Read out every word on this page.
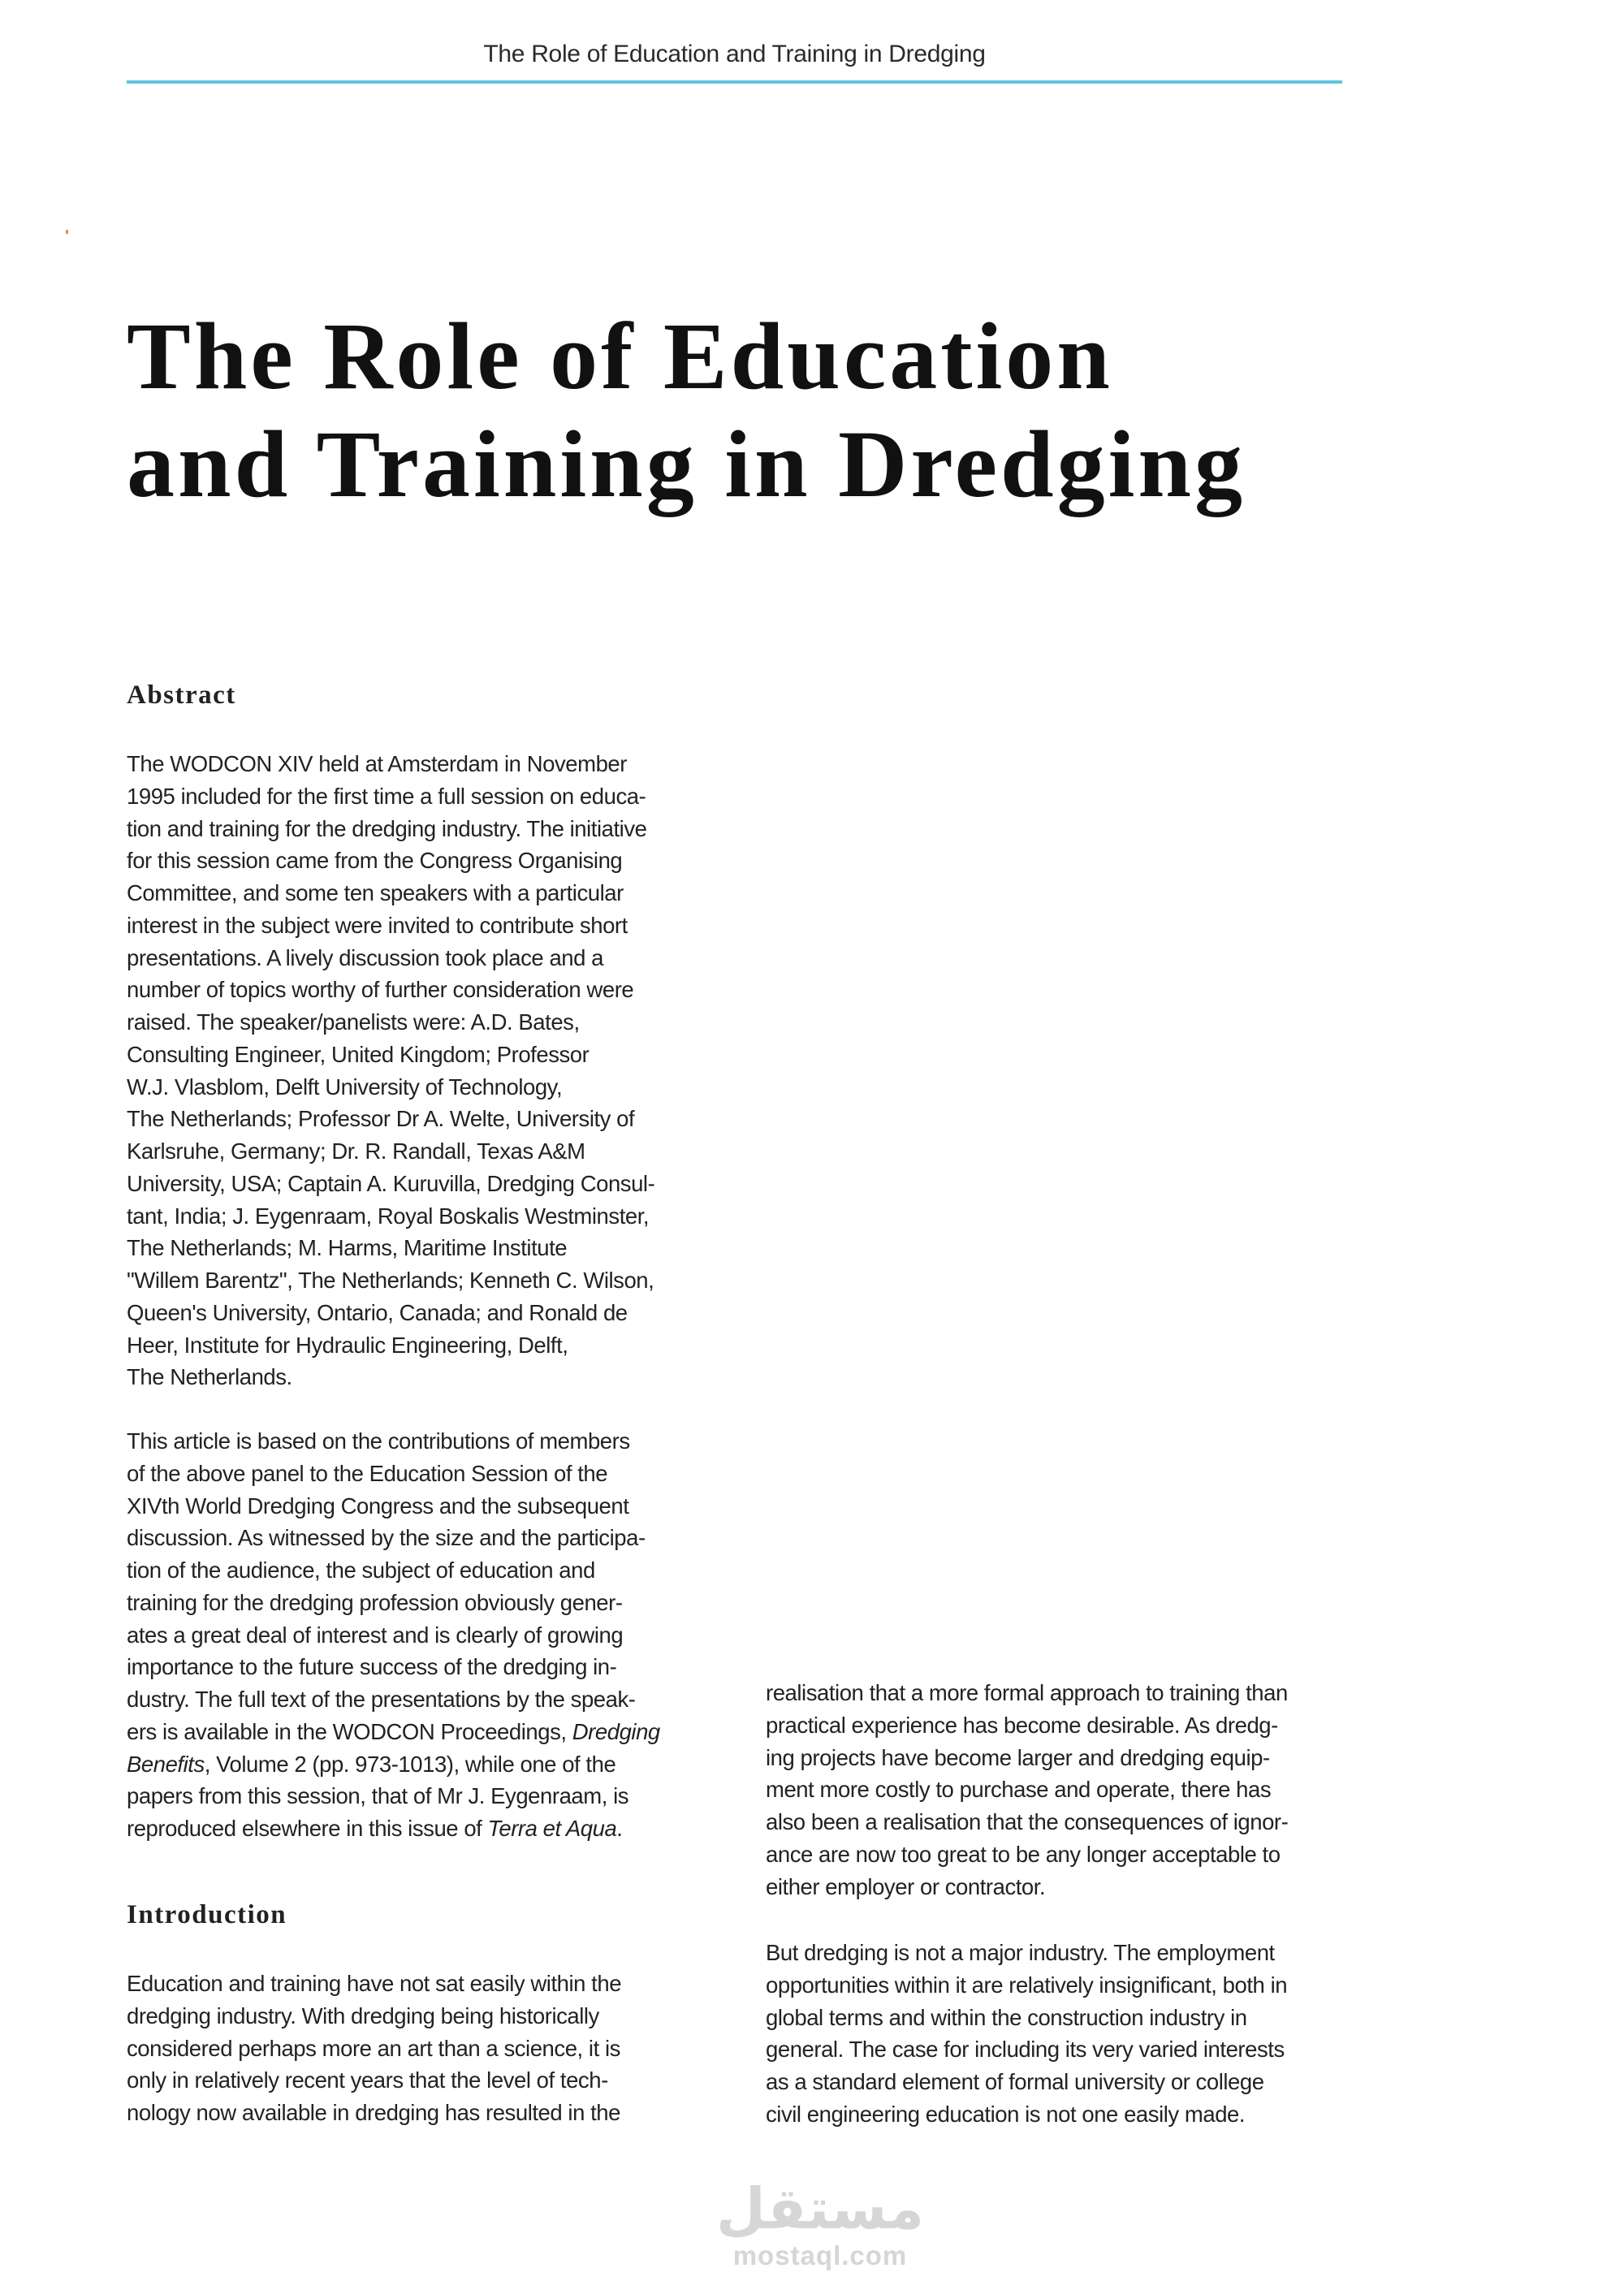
The Role of Education and Training in Dredging
The Role of Education
and Training in Dredging
Abstract
The WODCON XIV held at Amsterdam in November
1995 included for the first time a full session on educa-
tion and training for the dredging industry. The initiative
for this session came from the Congress Organising
Committee, and some ten speakers with a particular
interest in the subject were invited to contribute short
presentations. A lively discussion took place and a
number of topics worthy of further consideration were
raised. The speaker/panelists were: A.D. Bates,
Consulting Engineer, United Kingdom; Professor
W.J. Vlasblom, Delft University of Technology,
The Netherlands; Professor Dr A. Welte, University of
Karlsruhe, Germany; Dr. R. Randall, Texas A&M
University, USA; Captain A. Kuruvilla, Dredging Consul-
tant, India; J. Eygenraam, Royal Boskalis Westminster,
The Netherlands; M. Harms, Maritime Institute
"Willem Barentz", The Netherlands; Kenneth C. Wilson,
Queen's University, Ontario, Canada; and Ronald de
Heer, Institute for Hydraulic Engineering, Delft,
The Netherlands.
This article is based on the contributions of members
of the above panel to the Education Session of the
XIVth World Dredging Congress and the subsequent
discussion. As witnessed by the size and the participa-
tion of the audience, the subject of education and
training for the dredging profession obviously gener-
ates a great deal of interest and is clearly of growing
importance to the future success of the dredging in-
dustry. The full text of the presentations by the speak-
ers is available in the WODCON Proceedings, Dredging
Benefits, Volume 2 (pp. 973-1013), while one of the
papers from this session, that of Mr J. Eygenraam, is
reproduced elsewhere in this issue of Terra et Aqua.
Introduction
Education and training have not sat easily within the
dredging industry. With dredging being historically
considered perhaps more an art than a science, it is
only in relatively recent years that the level of tech-
nology now available in dredging has resulted in the
realisation that a more formal approach to training than
practical experience has become desirable. As dredg-
ing projects have become larger and dredging equip-
ment more costly to purchase and operate, there has
also been a realisation that the consequences of ignor-
ance are now too great to be any longer acceptable to
either employer or contractor.
But dredging is not a major industry. The employment
opportunities within it are relatively insignificant, both in
global terms and within the construction industry in
general. The case for including its very varied interests
as a standard element of formal university or college
civil engineering education is not one easily made.
مستقل
mostaql.com
